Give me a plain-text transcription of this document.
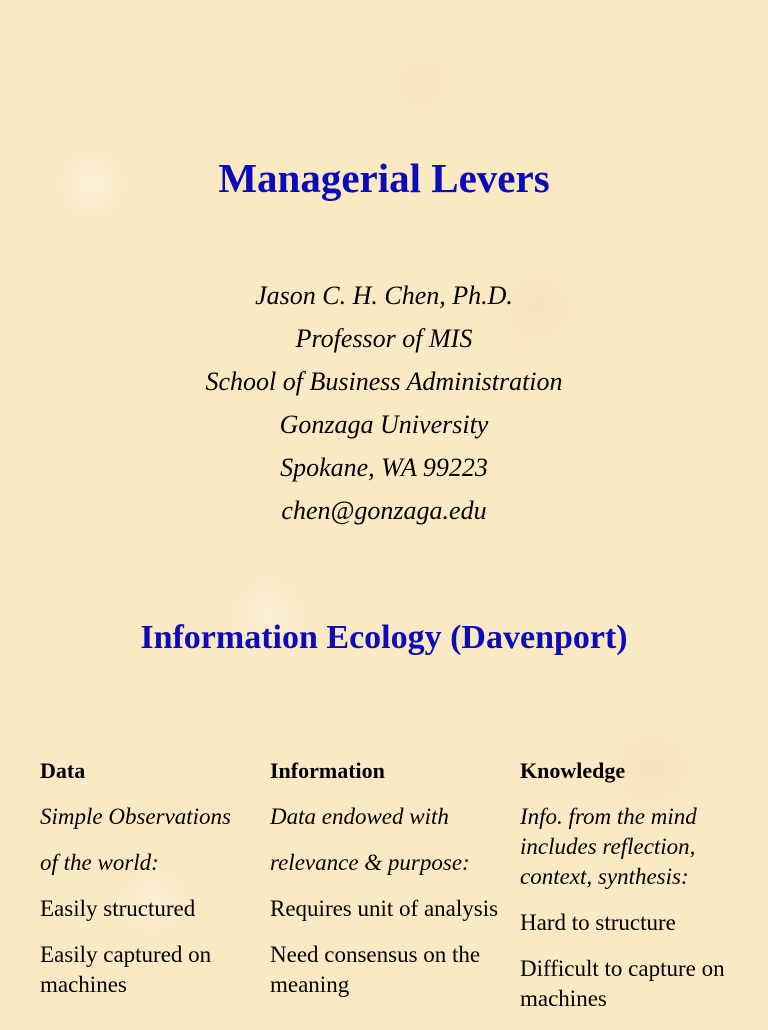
Managerial Levers
Jason C. H. Chen, Ph.D.
Professor of MIS
School of Business Administration
Gonzaga University
Spokane, WA 99223
chen@gonzaga.edu
Information Ecology (Davenport)
Data
Simple Observations
of the world:
Easily structured
Easily captured on machines
Information
Data endowed with
relevance & purpose:
Requires unit of analysis
Need consensus on the meaning
Knowledge
Info. from the mind includes reflection, context, synthesis:
Hard to structure
Difficult to capture on machines
